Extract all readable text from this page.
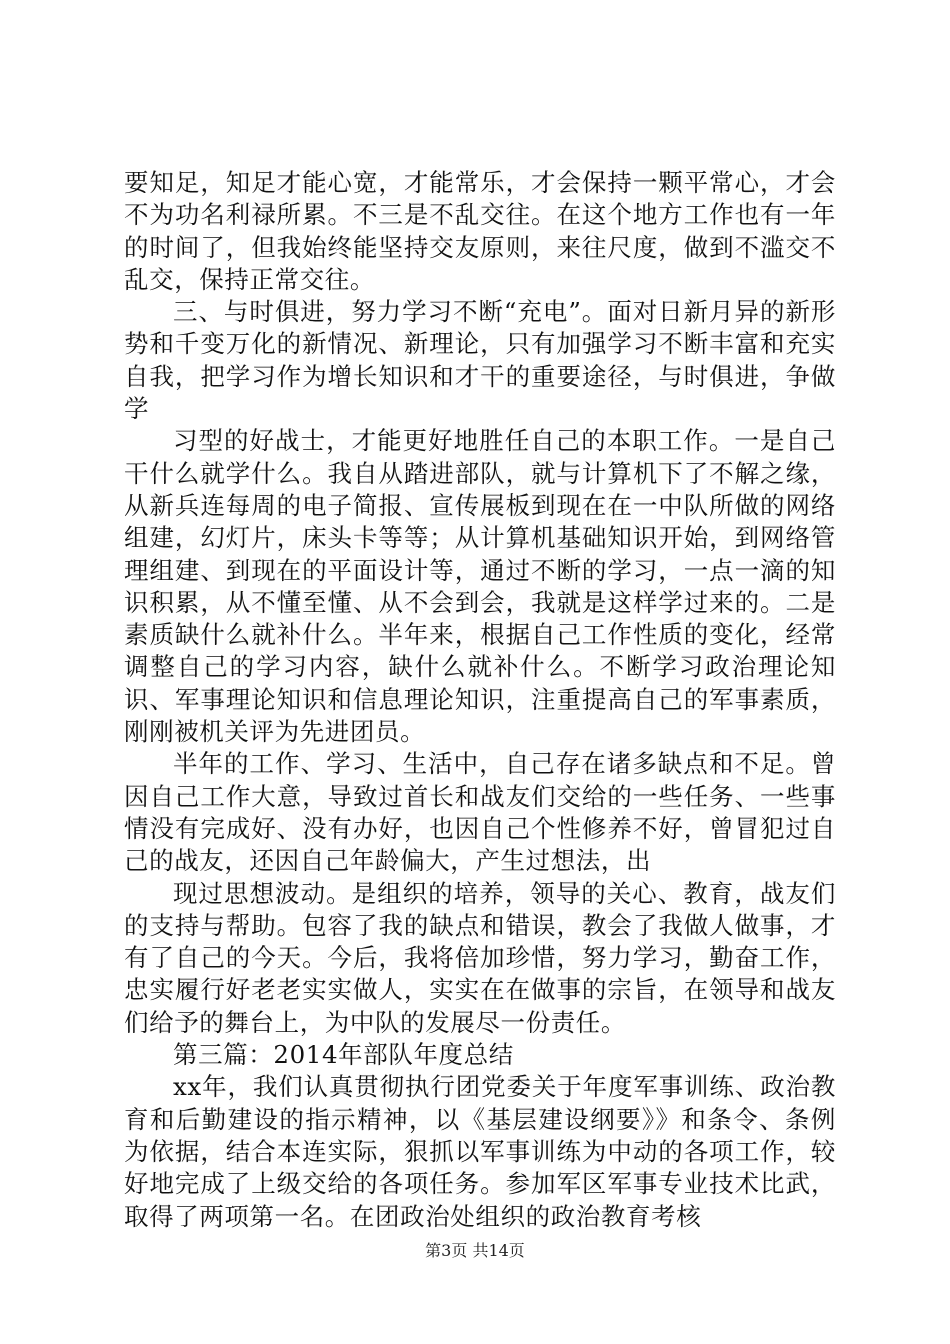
要知足，知足才能心宽，才能常乐，才会保持一颗平常心，才会不为功名利禄所累。不三是不乱交往。在这个地方工作也有一年的时间了，但我始终能坚持交友原则，来往尺度，做到不滥交不乱交，保持正常交往。

三、与时俱进，努力学习不断“充电”。面对日新月异的新形势和千变万化的新情况、新理论，只有加强学习不断丰富和充实自我，把学习作为增长知识和才干的重要途径，与时俱进，争做学

习型的好战士，才能更好地胜任自己的本职工作。一是自己干什么就学什么。我自从踏进部队，就与计算机下了不解之缘，从新兵连每周的电子简报、宣传展板到现在在一中队所做的网络组建，幻灯片，床头卡等等；从计算机基础知识开始，到网络管理组建、到现在的平面设计等，通过不断的学习，一点一滴的知识积累，从不懂至懂、从不会到会，我就是这样学过来的。二是素质缺什么就补什么。半年来，根据自己工作性质的变化，经常调整自己的学习内容，缺什么就补什么。不断学习政治理论知识、军事理论知识和信息理论知识，注重提高自己的军事素质，刚刚被机关评为先进团员。

半年的工作、学习、生活中，自己存在诸多缺点和不足。曾因自己工作大意，导致过首长和战友们交给的一些任务、一些事情没有完成好、没有办好，也因自己个性修养不好，曾冒犯过自己的战友，还因自己年龄偏大，产生过想法，出

现过思想波动。是组织的培养，领导的关心、教育，战友们的支持与帮助。包容了我的缺点和错误，教会了我做人做事，才有了自己的今天。今后，我将倍加珍惜，努力学习，勤奋工作，忠实履行好老老实实做人，实实在在做事的宗旨，在领导和战友们给予的舞台上，为中队的发展尽一份责任。

第三篇：2014年部队年度总结

xx年，我们认真贯彻执行团党委关于年度军事训练、政治教育和后勤建设的指示精神，以《基层建设纲要》》和条令、条例为依据，结合本连实际，狠抓以军事训练为中动的各项工作，较好地完成了上级交给的各项任务。参加军区军事专业技术比武，取得了两项第一名。在团政治处组织的政治教育考核

第3页 共14页
